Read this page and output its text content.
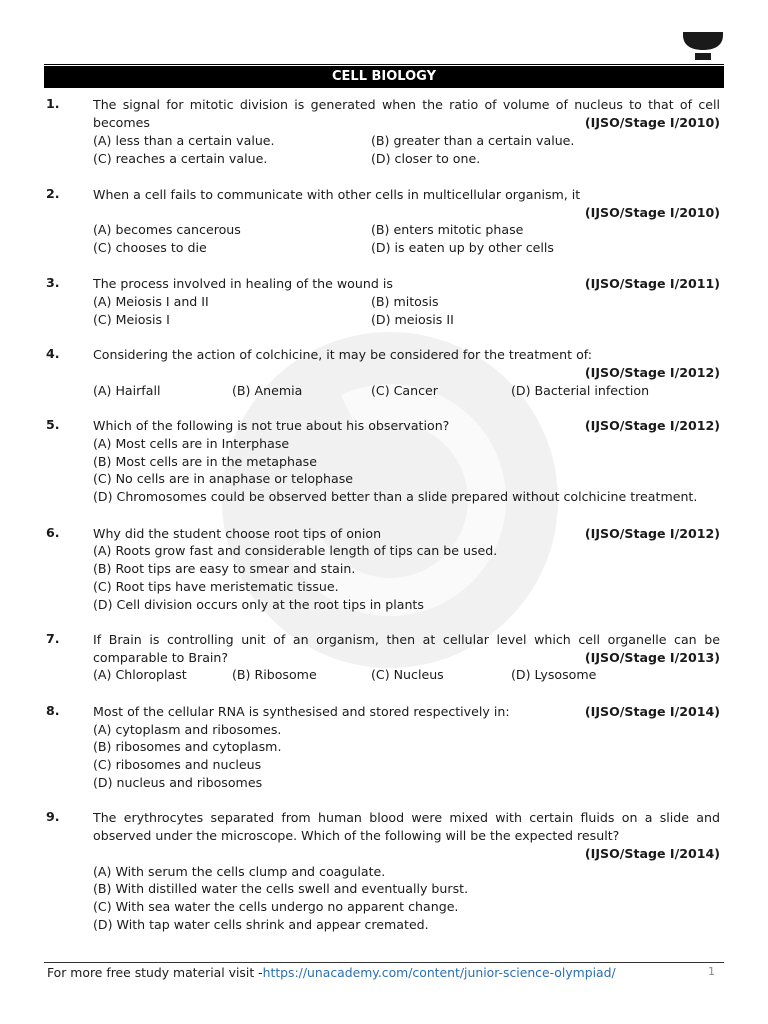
CELL BIOLOGY
1.	The signal for mitotic division is generated when the ratio of volume of nucleus to that of cell
becomes	(IJSO/Stage I/2010)
(A) less than a certain value.	(B) greater than a certain value.
(C) reaches a certain value.	(D) closer to one.
2.	When a cell fails to communicate with other cells in multicellular organism, it
(IJSO/Stage I/2010)
(A) becomes cancerous	(B) enters mitotic phase
(C) chooses to die	(D) is eaten up by other cells
3.	The process involved in healing of the wound is	(IJSO/Stage I/2011)
(A) Meiosis I and II	(B) mitosis
(C) Meiosis I	(D) meiosis II
4.	Considering the action of colchicine, it may be considered for the treatment of:
(IJSO/Stage I/2012)
(A) Hairfall	(B) Anemia	(C) Cancer	(D) Bacterial infection
5.	Which of the following is not true about his observation?	(IJSO/Stage I/2012)
(A) Most cells are in Interphase
(B) Most cells are in the metaphase
(C) No cells are in anaphase or telophase
(D) Chromosomes could be observed better than a slide prepared without colchicine treatment.
6.	Why did the student choose root tips of onion	(IJSO/Stage I/2012)
(A) Roots grow fast and considerable length of tips can be used.
(B) Root tips are easy to smear and stain.
(C) Root tips have meristematic tissue.
(D) Cell division occurs only at the root tips in plants
7.	If Brain is controlling unit of an organism, then at cellular level which cell organelle can be
comparable to Brain?	(IJSO/Stage I/2013)
(A) Chloroplast	(B) Ribosome	(C) Nucleus	(D) Lysosome
8.	Most of the cellular RNA is synthesised and stored respectively in:	(IJSO/Stage I/2014)
(A) cytoplasm and ribosomes.
(B) ribosomes and cytoplasm.
(C) ribosomes and nucleus
(D) nucleus and ribosomes
9.	The erythrocytes separated from human blood were mixed with certain fluids on a slide and
observed under the microscope. Which of the following will be the expected result?
(IJSO/Stage I/2014)
(A) With serum the cells clump and coagulate.
(B) With distilled water the cells swell and eventually burst.
(C) With sea water the cells undergo no apparent change.
(D) With tap water cells shrink and appear cremated.
For more free study material visit -https://unacademy.com/content/junior-science-olympiad/	1
